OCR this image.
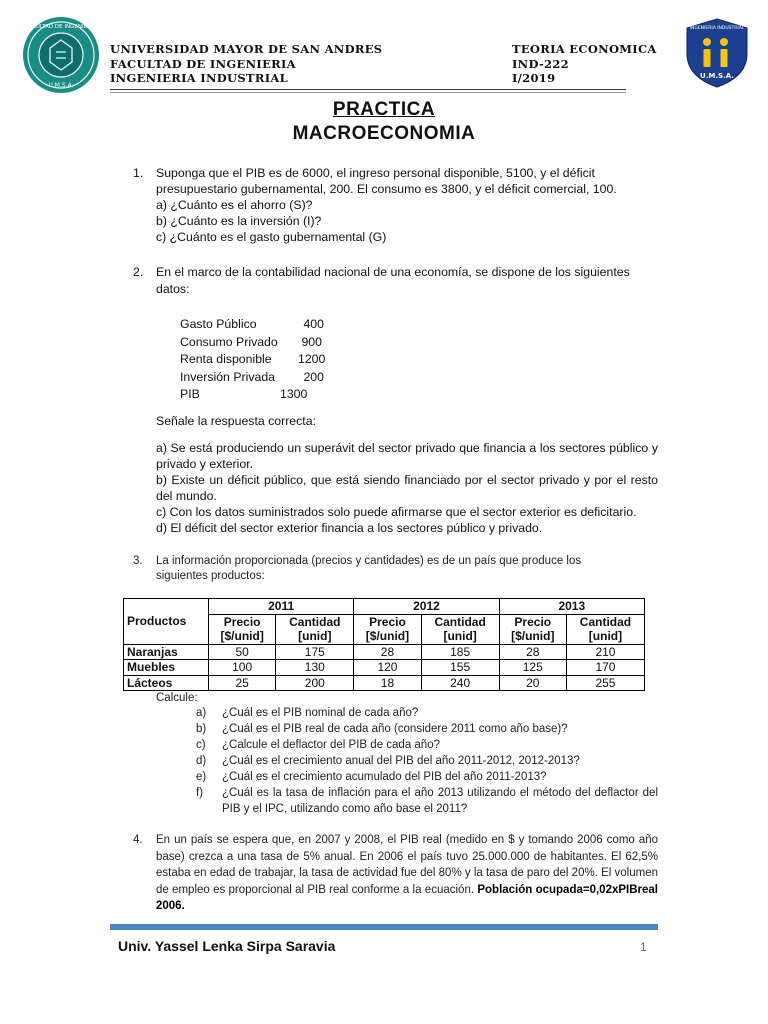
FACULTAD DE INGENIERIA
U.M.S.A.
UNIVERSIDAD MAYOR DE SAN ANDRES
FACULTAD DE INGENIERIA
INGENIERIA INDUSTRIAL
TEORIA ECONOMICA
IND-222
I/2019
INGENIERIA INDUSTRIAL
U.M.S.A.
PRACTICA
MACROECONOMIA
1. Suponga que el PIB es de 6000, el ingreso personal disponible, 5100, y el déficit
presupuestario gubernamental, 200. El consumo es 3800, y el déficit comercial, 100.
a) ¿Cuánto es el ahorro (S)?
b) ¿Cuánto es la inversión (I)?
c) ¿Cuánto es el gasto gubernamental (G)
2. En el marco de la contabilidad nacional de una economía, se dispone de los siguientes
datos:
Gasto Público	400
Consumo Privado	900
Renta disponible	1200
Inversión Privada	200
PIB	1300
Señale la respuesta correcta:
a) Se está produciendo un superávit del sector privado que financia a los sectores público y privado y exterior.
b) Existe un déficit público, que está siendo financiado por el sector privado y por el resto del mundo.
c) Con los datos suministrados solo puede afirmarse que el sector exterior es deficitario.
d) El déficit del sector exterior financia a los sectores público y privado.
3. La información proporcionada (precios y cantidades) es de un país que produce los
siguientes productos:
Productos	2011		2012		2013	
	Precio
[$/unid]	Cantidad
[unid]	Precio
[$/unid]	Cantidad
[unid]	Precio
[$/unid]	Cantidad
[unid]
Naranjas	50	175	28	185	28	210
Muebles	100	130	120	155	125	170
Lácteos	25	200	18	240	20	255
Calcule:
a)	¿Cuál es el PIB nominal de cada año?
b)	¿Cuál es el PIB real de cada año (considere 2011 como año base)?
c)	¿Calcule el deflactor del PIB de cada año?
d)	¿Cuál es el crecimiento anual del PIB del año 2011-2012, 2012-2013?
e)	¿Cuál es el crecimiento acumulado del PIB del año 2011-2013?
f)	¿Cuál es la tasa de inflación para el año 2013 utilizando el método del deflactor del PIB y el IPC, utilizando como año base el 2011?
4. En un país se espera que, en 2007 y 2008, el PIB real (medido en $ y tomando 2006 como año base) crezca a una tasa de 5% anual. En 2006 el país tuvo 25.000.000 de habitantes. El 62,5% estaba en edad de trabajar, la tasa de actividad fue del 80% y la tasa de paro del 20%. El volumen de empleo es proporcional al PIB real conforme a la ecuación. Población ocupada=0,02xPIBreal 2006.
Univ. Yassel Lenka Sirpa Saravia	1
